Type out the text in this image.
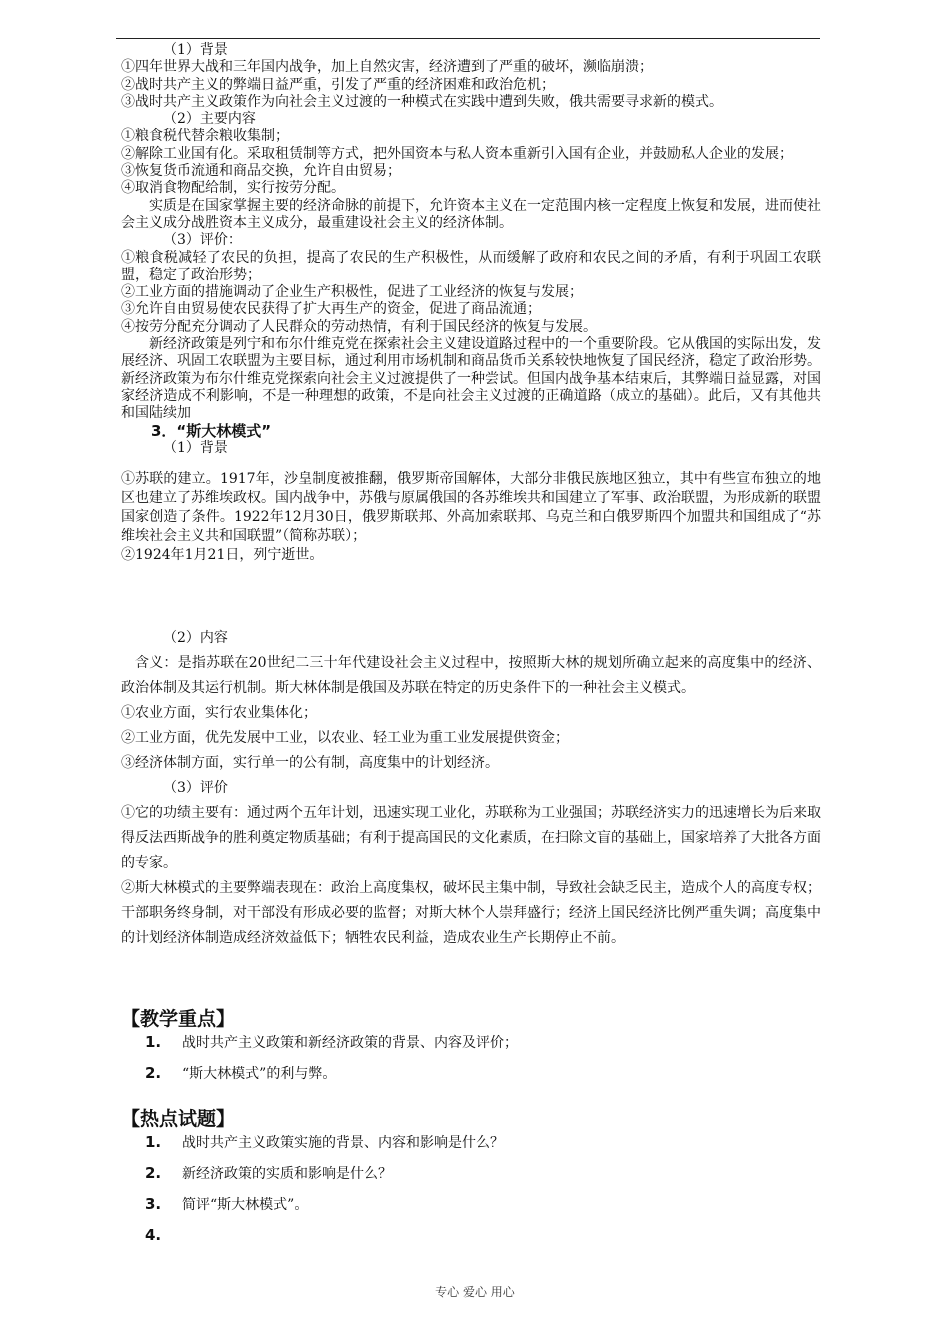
（1）背景

①四年世界大战和三年国内战争，加上自然灾害，经济遭到了严重的破坏，濒临崩溃；

②战时共产主义的弊端日益严重，引发了严重的经济困难和政治危机；

③战时共产主义政策作为向社会主义过渡的一种模式在实践中遭到失败，俄共需要寻求新的模式。

（2）主要内容

①粮食税代替余粮收集制；

②解除工业国有化。采取租赁制等方式，把外国资本与私人资本重新引入国有企业，并鼓励私人企业的发展；

③恢复货币流通和商品交换，允许自由贸易；

④取消食物配给制，实行按劳分配。

实质是在国家掌握主要的经济命脉的前提下，允许资本主义在一定范围内核一定程度上恢复和发展，进而使社会主义成分战胜资本主义成分，最重建设社会主义的经济体制。

（3）评价：

①粮食税减轻了农民的负担，提高了农民的生产积极性，从而缓解了政府和农民之间的矛盾，有利于巩固工农联盟，稳定了政治形势；

②工业方面的措施调动了企业生产积极性，促进了工业经济的恢复与发展；

③允许自由贸易使农民获得了扩大再生产的资金，促进了商品流通；

④按劳分配充分调动了人民群众的劳动热情，有利于国民经济的恢复与发展。

新经济政策是列宁和布尔什维克党在探索社会主义建设道路过程中的一个重要阶段。它从俄国的实际出发，发展经济、巩固工农联盟为主要目标，通过利用市场机制和商品货币关系较快地恢复了国民经济，稳定了政治形势。新经济政策为布尔什维克党探索向社会主义过渡提供了一种尝试。但国内战争基本结束后，其弊端日益显露，对国家经济造成不利影响，不是一种理想的政策，不是向社会主义过渡的正确道路（成立的基础）。此后，又有其他共和国陆续加

3．“斯大林模式”

（1）背景

①苏联的建立。1917年，沙皇制度被推翻，俄罗斯帝国解体，大部分非俄民族地区独立，其中有些宣布独立的地区也建立了苏维埃政权。国内战争中，苏俄与原属俄国的各苏维埃共和国建立了军事、政治联盟，为形成新的联盟国家创造了条件。1922年12月30日，俄罗斯联邦、外高加索联邦、乌克兰和白俄罗斯四个加盟共和国组成了“苏维埃社会主义共和国联盟”（简称苏联）；

②1924年1月21日，列宁逝世。

（2）内容

含义：是指苏联在20世纪二三十年代建设社会主义过程中，按照斯大林的规划所确立起来的高度集中的经济、政治体制及其运行机制。斯大林体制是俄国及苏联在特定的历史条件下的一种社会主义模式。

①农业方面，实行农业集体化；

②工业方面，优先发展中工业，以农业、轻工业为重工业发展提供资金；

③经济体制方面，实行单一的公有制，高度集中的计划经济。

（3）评价

①它的功绩主要有：通过两个五年计划，迅速实现工业化，苏联称为工业强国；苏联经济实力的迅速增长为后来取得反法西斯战争的胜利奠定物质基础；有利于提高国民的文化素质，在扫除文盲的基础上，国家培养了大批各方面的专家。

②斯大林模式的主要弊端表现在：政治上高度集权，破坏民主集中制，导致社会缺乏民主，造成个人的高度专权；干部职务终身制，对干部没有形成必要的监督；对斯大林个人崇拜盛行；经济上国民经济比例严重失调；高度集中的计划经济体制造成经济效益低下；牺牲农民利益，造成农业生产长期停止不前。

【教学重点】
1.	战时共产主义政策和新经济政策的背景、内容及评价；
2.	“斯大林模式”的利与弊。
【热点试题】
1.	战时共产主义政策实施的背景、内容和影响是什么？
2.	新经济政策的实质和影响是什么？
3.	简评“斯大林模式”。
4.
专心 爱心 用心
